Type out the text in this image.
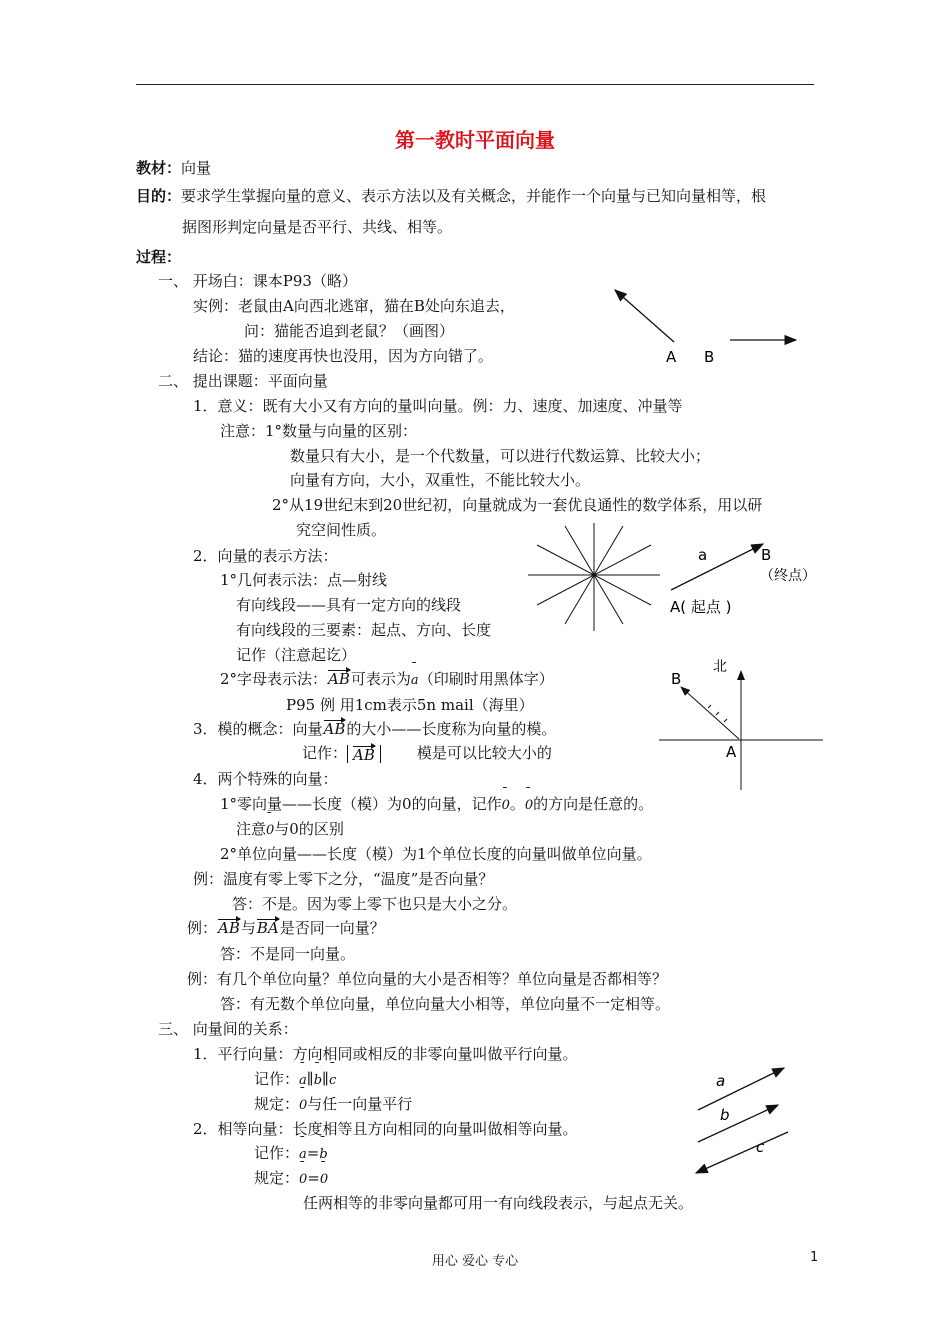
第一教时平面向量
教材：向量
目的：要求学生掌握向量的意义、表示方法以及有关概念，并能作一个向量与已知向量相等，根
据图形判定向量是否平行、共线、相等。
过程：
一、 开场白：课本P93（略）
实例：老鼠由A向西北逃窜，猫在B处向东追去，
问：猫能否追到老鼠？（画图）
结论：猫的速度再快也没用，因为方向错了。
二、 提出课题：平面向量
1．意义：既有大小又有方向的量叫向量。例：力、速度、加速度、冲量等
注意：1°数量与向量的区别：
数量只有大小，是一个代数量，可以进行代数运算、比较大小；
向量有方向，大小，双重性，不能比较大小。
2°从19世纪末到20世纪初，向量就成为一套优良通性的数学体系，用以研
究空间性质。
2．向量的表示方法：
1°几何表示法：点—射线
有向线段——具有一定方向的线段
有向线段的三要素：起点、方向、长度
记作（注意起讫）
2°字母表示法：AB可表示为¯ a（印刷时用黑体字）
P95 例 用1cm表示5n mail（海里）
3．模的概念：向量AB的大小——长度称为向量的模。
记作： AB	模是可以比较大小的
4．两个特殊的向量：
1°零向量——长度（模）为0的向量，记作¯ 0。¯ 0的方向是任意的。
注意¯ 0与0的区别
2°单位向量——长度（模）为1个单位长度的向量叫做单位向量。
例：温度有零上零下之分，“温度”是否向量？
答：不是。因为零上零下也只是大小之分。
例：AB与BA是否同一向量？
答：不是同一向量。
例：有几个单位向量？单位向量的大小是否相等？单位向量是否都相等？
答：有无数个单位向量，单位向量大小相等，单位向量不一定相等。
三、 向量间的关系：
1．平行向量：方向相同或相反的非零向量叫做平行向量。
记作：¯ a∥¯ b∥¯ c
规定：¯ 0与任一向量平行
2．相等向量：长度相等且方向相同的向量叫做相等向量。
记作：¯ a=¯ b
规定：¯ 0=¯ 0
任两相等的非零向量都可用一有向线段表示，与起点无关。
A B
a	B
（终点）
A( 起点 )
北
B
A
a
b
c
用心 爱心 专心	1
